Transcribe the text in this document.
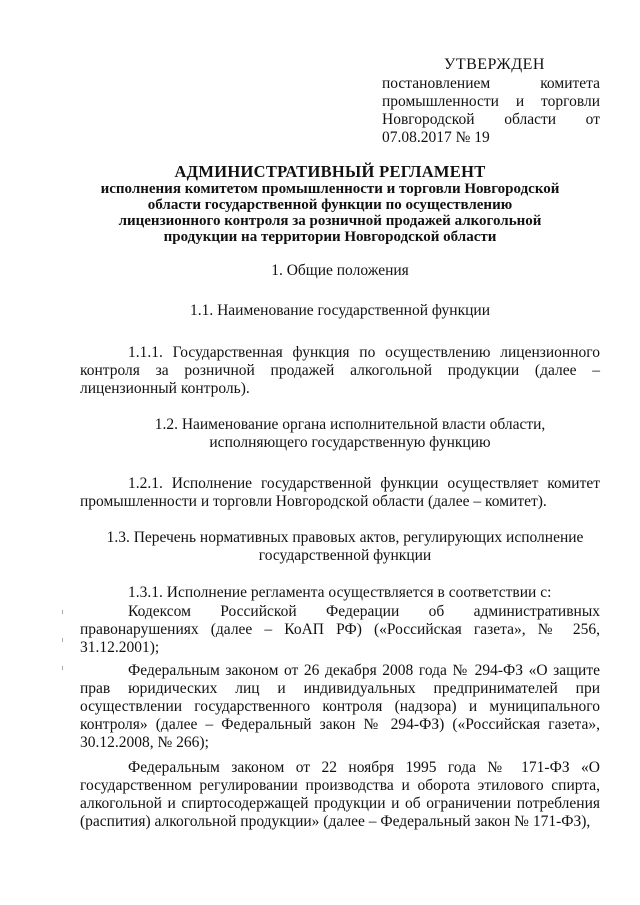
УТВЕРЖДЕН
постановлением комитета промышленности и торговли Новгородской области от 07.08.2017 № 19
АДМИНИСТРАТИВНЫЙ РЕГЛАМЕНТ
исполнения комитетом промышленности и торговли Новгородской области государственной функции по осуществлению лицензионного контроля за розничной продажей алкогольной продукции на территории Новгородской области
1. Общие положения
1.1. Наименование государственной функции
1.1.1. Государственная функция по осуществлению лицензионного контроля за розничной продажей алкогольной продукции (далее – лицензионный контроль).
1.2. Наименование органа исполнительной власти области, исполняющего государственную функцию
1.2.1. Исполнение государственной функции осуществляет комитет промышленности и торговли Новгородской области (далее – комитет).
1.3. Перечень нормативных правовых актов, регулирующих исполнение государственной функции
1.3.1. Исполнение регламента осуществляется в соответствии с:
Кодексом Российской Федерации об административных правонарушениях (далее – КоАП РФ) («Российская газета», № 256, 31.12.2001);
Федеральным законом от 26 декабря 2008 года № 294-ФЗ «О защите прав юридических лиц и индивидуальных предпринимателей при осуществлении государственного контроля (надзора) и муниципального контроля» (далее – Федеральный закон № 294-ФЗ) («Российская газета», 30.12.2008, № 266);
Федеральным законом от 22 ноября 1995 года № 171-ФЗ «О государственном регулировании производства и оборота этилового спирта, алкогольной и спиртосодержащей продукции и об ограничении потребления (распития) алкогольной продукции» (далее – Федеральный закон № 171-ФЗ),
